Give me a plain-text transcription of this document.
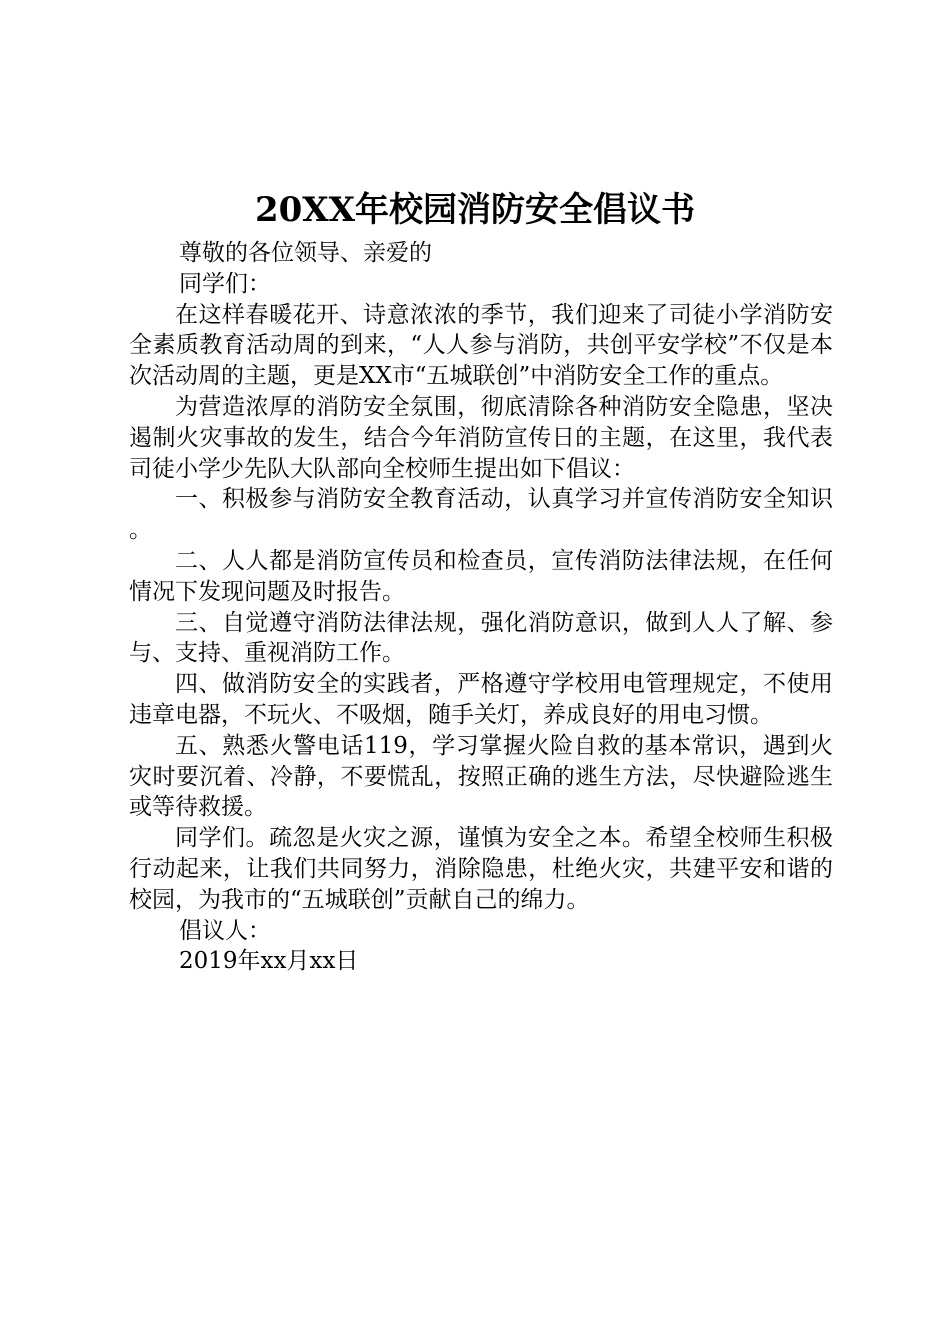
20XX年校园消防安全倡议书

尊敬的各位领导、亲爱的

同学们：

在这样春暖花开、诗意浓浓的季节，我们迎来了司徒小学消防安全素质教育活动周的到来，“人人参与消防，共创平安学校”不仅是本次活动周的主题，更是XX市“五城联创”中消防安全工作的重点。

为营造浓厚的消防安全氛围，彻底清除各种消防安全隐患，坚决遏制火灾事故的发生，结合今年消防宣传日的主题，在这里，我代表司徒小学少先队大队部向全校师生提出如下倡议：

一、积极参与消防安全教育活动，认真学习并宣传消防安全知识。

二、人人都是消防宣传员和检查员，宣传消防法律法规，在任何情况下发现问题及时报告。

三、自觉遵守消防法律法规，强化消防意识，做到人人了解、参与、支持、重视消防工作。

四、做消防安全的实践者，严格遵守学校用电管理规定，不使用违章电器，不玩火、不吸烟，随手关灯，养成良好的用电习惯。

五、熟悉火警电话119，学习掌握火险自救的基本常识，遇到火灾时要沉着、冷静，不要慌乱，按照正确的逃生方法，尽快避险逃生或等待救援。

同学们。疏忽是火灾之源，谨慎为安全之本。希望全校师生积极行动起来，让我们共同努力，消除隐患，杜绝火灾，共建平安和谐的校园，为我市的“五城联创”贡献自己的绵力。

倡议人：

2019年xx月xx日
